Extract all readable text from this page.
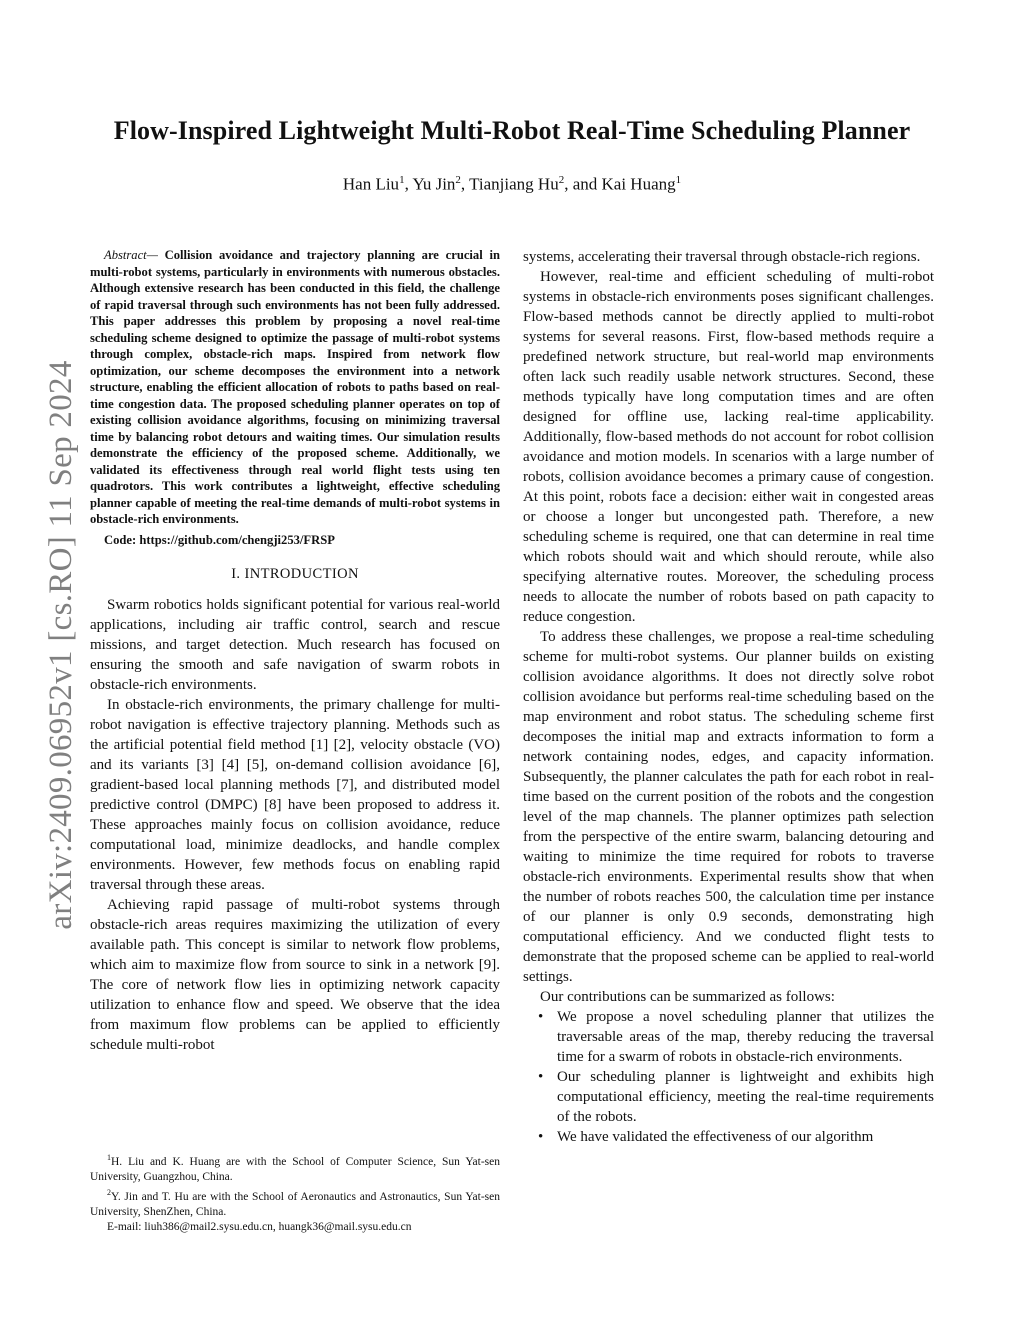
arXiv:2409.06952v1 [cs.RO] 11 Sep 2024
Flow-Inspired Lightweight Multi-Robot Real-Time Scheduling Planner
Han Liu$^1$, Yu Jin$^2$, Tianjiang Hu$^2$, and Kai Huang$^1$

Abstract— Collision avoidance and trajectory planning are crucial in multi-robot systems, particularly in environments with numerous obstacles. Although extensive research has been conducted in this field, the challenge of rapid traversal through such environments has not been fully addressed. This paper addresses this problem by proposing a novel real-time scheduling scheme designed to optimize the passage of multi-robot systems through complex, obstacle-rich maps. Inspired from network flow optimization, our scheme decomposes the environment into a network structure, enabling the efficient allocation of robots to paths based on real-time congestion data. The proposed scheduling planner operates on top of existing collision avoidance algorithms, focusing on minimizing traversal time by balancing robot detours and waiting times. Our simulation results demonstrate the efficiency of the proposed scheme. Additionally, we validated its effectiveness through real world flight tests using ten quadrotors. This work contributes a lightweight, effective scheduling planner capable of meeting the real-time demands of multi-robot systems in obstacle-rich environments.

Code: https://github.com/chengji253/FRSP

I. INTRODUCTION

Swarm robotics holds significant potential for various real-world applications, including air traffic control, search and rescue missions, and target detection. Much research has focused on ensuring the smooth and safe navigation of swarm robots in obstacle-rich environments.

In obstacle-rich environments, the primary challenge for multi-robot navigation is effective trajectory planning. Methods such as the artificial potential field method [1] [2], velocity obstacle (VO) and its variants [3] [4] [5], on-demand collision avoidance [6], gradient-based local planning methods [7], and distributed model predictive control (DMPC) [8] have been proposed to address it. These approaches mainly focus on collision avoidance, reduce computational load, minimize deadlocks, and handle complex environments. However, few methods focus on enabling rapid traversal through these areas.

Achieving rapid passage of multi-robot systems through obstacle-rich areas requires maximizing the utilization of every available path. This concept is similar to network flow problems, which aim to maximize flow from source to sink in a network [9]. The core of network flow lies in optimizing network capacity utilization to enhance flow and speed. We observe that the idea from maximum flow problems can be applied to efficiently schedule multi-robot

systems, accelerating their traversal through obstacle-rich regions.

However, real-time and efficient scheduling of multi-robot systems in obstacle-rich environments poses significant challenges. Flow-based methods cannot be directly applied to multi-robot systems for several reasons. First, flow-based methods require a predefined network structure, but real-world map environments often lack such readily usable network structures. Second, these methods typically have long computation times and are often designed for offline use, lacking real-time applicability. Additionally, flow-based methods do not account for robot collision avoidance and motion models. In scenarios with a large number of robots, collision avoidance becomes a primary cause of congestion. At this point, robots face a decision: either wait in congested areas or choose a longer but uncongested path. Therefore, a new scheduling scheme is required, one that can determine in real time which robots should wait and which should reroute, while also specifying alternative routes. Moreover, the scheduling process needs to allocate the number of robots based on path capacity to reduce congestion.

To address these challenges, we propose a real-time scheduling scheme for multi-robot systems. Our planner builds on existing collision avoidance algorithms. It does not directly solve robot collision avoidance but performs real-time scheduling based on the map environment and robot status. The scheduling scheme first decomposes the initial map and extracts information to form a network containing nodes, edges, and capacity information. Subsequently, the planner calculates the path for each robot in real-time based on the current position of the robots and the congestion level of the map channels. The planner optimizes path selection from the perspective of the entire swarm, balancing detouring and waiting to minimize the time required for robots to traverse obstacle-rich environments. Experimental results show that when the number of robots reaches 500, the calculation time per instance of our planner is only 0.9 seconds, demonstrating high computational efficiency. And we conducted flight tests to demonstrate that the proposed scheme can be applied to real-world settings.

Our contributions can be summarized as follows:

• We propose a novel scheduling planner that utilizes the traversable areas of the map, thereby reducing the traversal time for a swarm of robots in obstacle-rich environments.
• Our scheduling planner is lightweight and exhibits high computational efficiency, meeting the real-time requirements of the robots.
• We have validated the effectiveness of our algorithm

$^1$H. Liu and K. Huang are with the School of Computer Science, Sun Yat-sen University, Guangzhou, China.

$^2$Y. Jin and T. Hu are with the School of Aeronautics and Astronautics, Sun Yat-sen University, ShenZhen, China.

E-mail: liuh386@mail2.sysu.edu.cn, huangk36@mail.sysu.edu.cn
